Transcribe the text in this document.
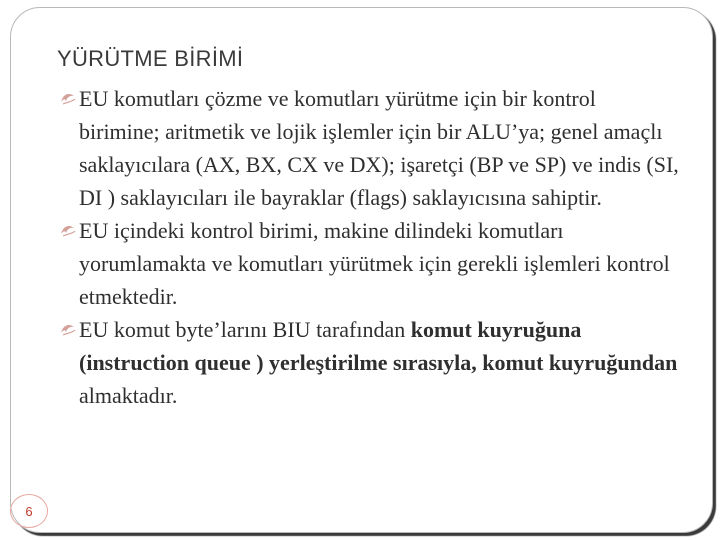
YÜRÜTME BİRİMİ
EU komutları çözme ve komutları yürütme için bir kontrol birimine; aritmetik ve lojik işlemler için bir ALU’ya; genel amaçlı saklayıcılara (AX, BX, CX ve DX); işaretçi (BP ve SP) ve indis (SI, DI ) saklayıcıları ile bayraklar (flags) saklayıcısına sahiptir.
EU içindeki kontrol birimi, makine dilindeki komutları yorumlamakta ve komutları yürütmek için gerekli işlemleri kontrol etmektedir.
EU komut byte’larını BIU tarafından komut kuyruğuna (instruction queue ) yerleştirilme sırasıyla, komut kuyruğundan almaktadır.
6
